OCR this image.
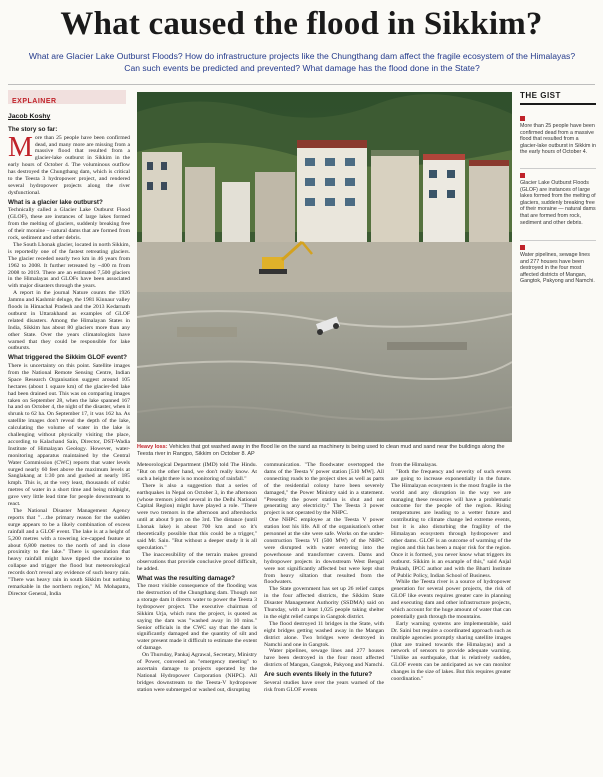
What caused the flood in Sikkim?
What are Glacier Lake Outburst Floods? How do infrastructure projects like the Chungthang dam affect the fragile ecosystem of the Himalayas? Can such events be predicted and prevented? What damage has the flood done in the State?
EXPLAINER
Jacob Koshy
The story so far:

More than 25 people have been confirmed dead, and many more are missing from a massive flood that resulted from a glacier-lake outburst in Sikkim in the early hours of October 4. The voluminous outflow has destroyed the Chungthang dam, which is critical to the Teesta 3 hydropower project, and rendered several hydropower projects along the river dysfunctional.

What is a glacier lake outburst?

Technically called a Glacier Lake Outburst Flood (GLOF), these are instances of large lakes formed from the melting of glaciers, suddenly breaking free of their moraine – natural dams that are formed from rock, sediment and other debris.

The South Lhonak glacier, located in north Sikkim, is reportedly one of the fastest retreating glaciers. The glacier receded nearly two km in 46 years from 1962 to 2008. It further retreated by ~400 m from 2008 to 2019. There are an estimated 7,500 glaciers in the Himalayas and GLOFs have been associated with major disasters through the years.

A report in the journal Nature counts the 1926 Jammu and Kashmir deluge, the 1981 Kinnaur valley floods in Himachal Pradesh and the 2013 Kedarnath outburst in Uttarakhand as examples of GLOF related disasters. Among the Himalayan States in India, Sikkim has about 80 glaciers more than any other State. Over the years climatologists have warned that they could be responsible for lake outbursts.

What triggered the Sikkim GLOF event?

There is uncertainty on this point. Satellite images from the National Remote Sensing Centre, Indian Space Research Organisation suggest around 105 hectares (about 1 square km) of the glacier-fed lake had been drained out. This was on comparing images taken on September 28, when the lake spanned 167 ha and on October 4, the night of the disaster, when it shrunk to 62 ha. On September 17, it was 162 ha. As satellite images don't reveal the depth of the lake, calculating the volume of water in the lake is challenging without physically visiting the place, according to Kalachand Sain, Director, DST-Wadia Institute of Himalayan Geology. However, water-monitoring apparatus maintained by the Central Water Commission (CWC) reports that water levels surged nearly 60 feet above the maximum levels at Sanglakang at 1:30 pm and gushed at nearly 185 kmph. This is, at the very least, thousands of cubic metres of water in a short time and being midnight, gave very little lead time for people downstream to react.

The National Disaster Management Agency reports that "…the primary reason for the sudden surge appears to be a likely combination of excess rainfall and a GLOF event. The lake is at a height of 5,200 metres with a towering ice-capped feature at about 6,800 metres to the north of and in close proximity to the lake." There is speculation that heavy rainfall might have tipped the moraine to collapse and trigger the flood but meteorological records don't reveal any evidence of such heavy rain. "There was heavy rain in south Sikkim but nothing remarkable in the northern region," M. Mohapatra, Director General, India

Heavy loss: Vehicles that got washed away in the flood lie on the sand as machinery is being used to clean mud and sand near the buildings along the Teesta river in Rangpo, Sikkim on October 8. AP

Meteorological Department (IMD) told The Hindu. "But on the other hand, we don't really know. At such a height there is no monitoring of rainfall."

There is also a suggestion that a series of earthquakes in Nepal on October 3, in the afternoon (whose tremors jolted several in the Delhi National Capital Region) might have played a role. "There were two tremors in the afternoon and aftershocks until at about 9 pm on the 3rd. The distance (until Lhonak lake) is about 700 km and so it's theoretically possible that this could be a trigger," said Mr. Sain. "But without a deeper study it is all speculation."

The inaccessibility of the terrain makes ground observations that provide conclusive proof difficult, he added.

What was the resulting damage?

The most visible consequence of the flooding was the destruction of the Chungthang dam. Though not a storage dam it directs water to power the Teesta 3 hydropower project. The executive chairman of Sikkim Urja, which runs the project, is quoted as saying the dam was "washed away in 10 mins." Senior officials in the CWC say that the dam is significantly damaged and the quantity of silt and water present made it difficult to estimate the extent of damage.

On Thursday, Pankaj Agrawal, Secretary, Ministry of Power, convened an "emergency meeting" to ascertain damage to projects operated by the National Hydropower Corporation (NHPC). All bridges downstream to the Teesta-V hydropower station were submerged or washed out, disrupting

communication. "The floodwater overtopped the dams of the Teesta V power station [510 MW]. All connecting roads to the project sites as well as parts of the residential colony have been severely damaged," the Power Ministry said in a statement. "Presently the power station is shut and not generating any electricity." The Teesta 3 power project is not operated by the NHPC.

One NHPC employee at the Teesta V power station lost his life. All of the organisation's other personnel at the site were safe. Works on the under-construction Teesta VI (500 MW) of the NHPC were disrupted with water entering into the powerhouse and transformer cavern. Dams and hydropower projects in downstream West Bengal were not significantly affected but were kept shut from heavy siltation that resulted from the floodwaters.

The State government has set up 26 relief camps in the four affected districts, the Sikkim State Disaster Management Authority (SSDMA) said on Thursday, with at least 1,025 people taking shelter in the eight relief camps in Gangtok district.

The flood destroyed 11 bridges in the State, with eight bridges getting washed away in the Mangan district alone. Two bridges were destroyed in Namchi and one in Gangtok.

Water pipelines, sewage lines and 277 houses have been destroyed in the four most affected districts of Mangan, Gangtok, Pakyong and Namchi.

Are such events likely in the future?

Several studies have over the years warned of the risk from GLOF events

from the Himalayas.

"Both the frequency and severity of such events are going to increase exponentially in the future. The Himalayan ecosystem is the most fragile in the world and any disruption in the way we are managing these resources will have a problematic outcome for the people of the region. Rising temperatures are leading to a wetter future and contributing to climate change led extreme events, but it is also disturbing the fragility of the Himalayan ecosystem through hydropower and other dams. GLOF is an outcome of warming of the region and this has been a major risk for the region. Once it is formed, you never know what triggers its outburst. Sikkim is an example of this," said Anjal Prakash, IPCC author and with the Bharti Institute of Public Policy, Indian School of Business.

While the Teesta river is a source of hydropower generation for several power projects, the risk of GLOF like events requires greater care in planning and executing dam and other infrastructure projects, which account for the huge amount of water that can potentially gush through the mountains.

Early warning systems are implementable, said Dr. Saini but require a coordinated approach such as multiple agencies promptly sharing satellite images (that are trained towards the Himalayas) and a network of sensors to provide adequate warning. "Unlike an earthquake, that is relatively sudden, GLOF events can be anticipated as we can monitor changes in the size of lakes. But this requires greater coordination."

THE GIST
More than 25 people have been confirmed dead from a massive flood that resulted from a glacier-lake outburst in Sikkim in the early hours of October 4.
Glacier Lake Outburst Floods (GLOF) are instances of large lakes formed from the melting of glaciers, suddenly breaking free of their moraine — natural dams that are formed from rock, sediment and other debris.
Water pipelines, sewage lines and 277 houses have been destroyed in the four most affected districts of Mangan, Gangtok, Pakyong and Namchi.
